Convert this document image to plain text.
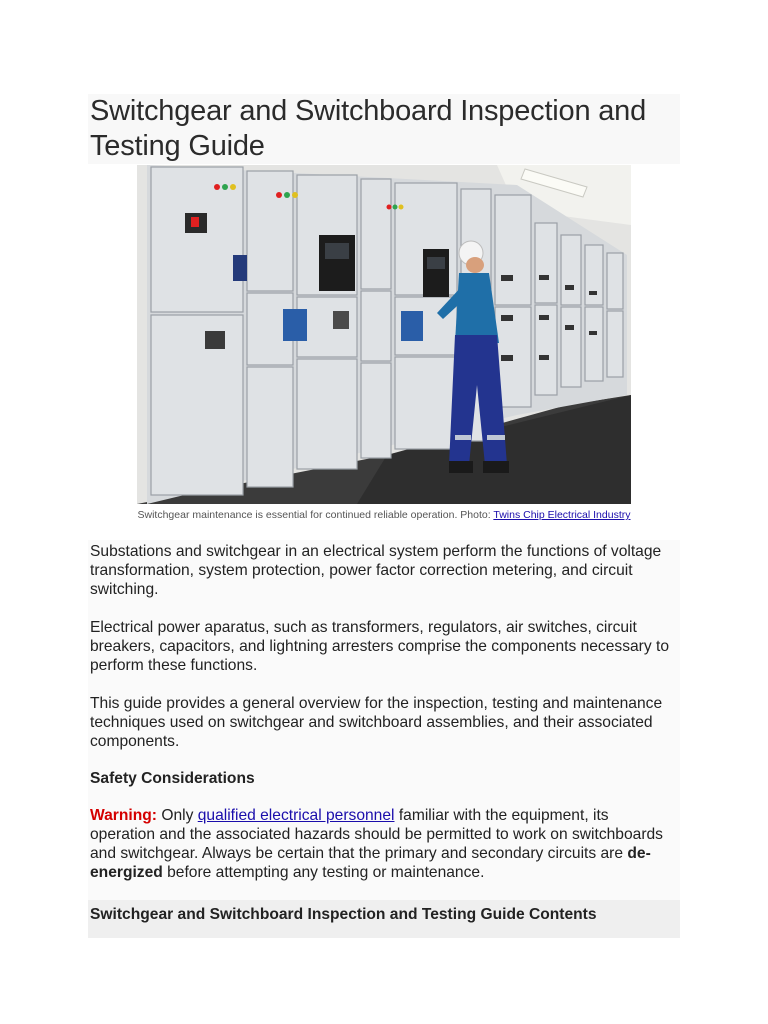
Switchgear and Switchboard Inspection and Testing Guide
Switchgear maintenance is essential for continued reliable operation. Photo: Twins Chip Electrical Industry

Substations and switchgear in an electrical system perform the functions of voltage transformation, system protection, power factor correction metering, and circuit switching.

Electrical power aparatus, such as transformers, regulators, air switches, circuit breakers, capacitors, and lightning arresters comprise the components necessary to perform these functions.

This guide provides a general overview for the inspection, testing and maintenance techniques used on switchgear and switchboard assemblies, and their associated components.

Safety Considerations

Warning: Only qualified electrical personnel familiar with the equipment, its operation and the associated hazards should be permitted to work on switchboards and switchgear. Always be certain that the primary and secondary circuits are de-energized before attempting any testing or maintenance.

Switchgear and Switchboard Inspection and Testing Guide Contents
